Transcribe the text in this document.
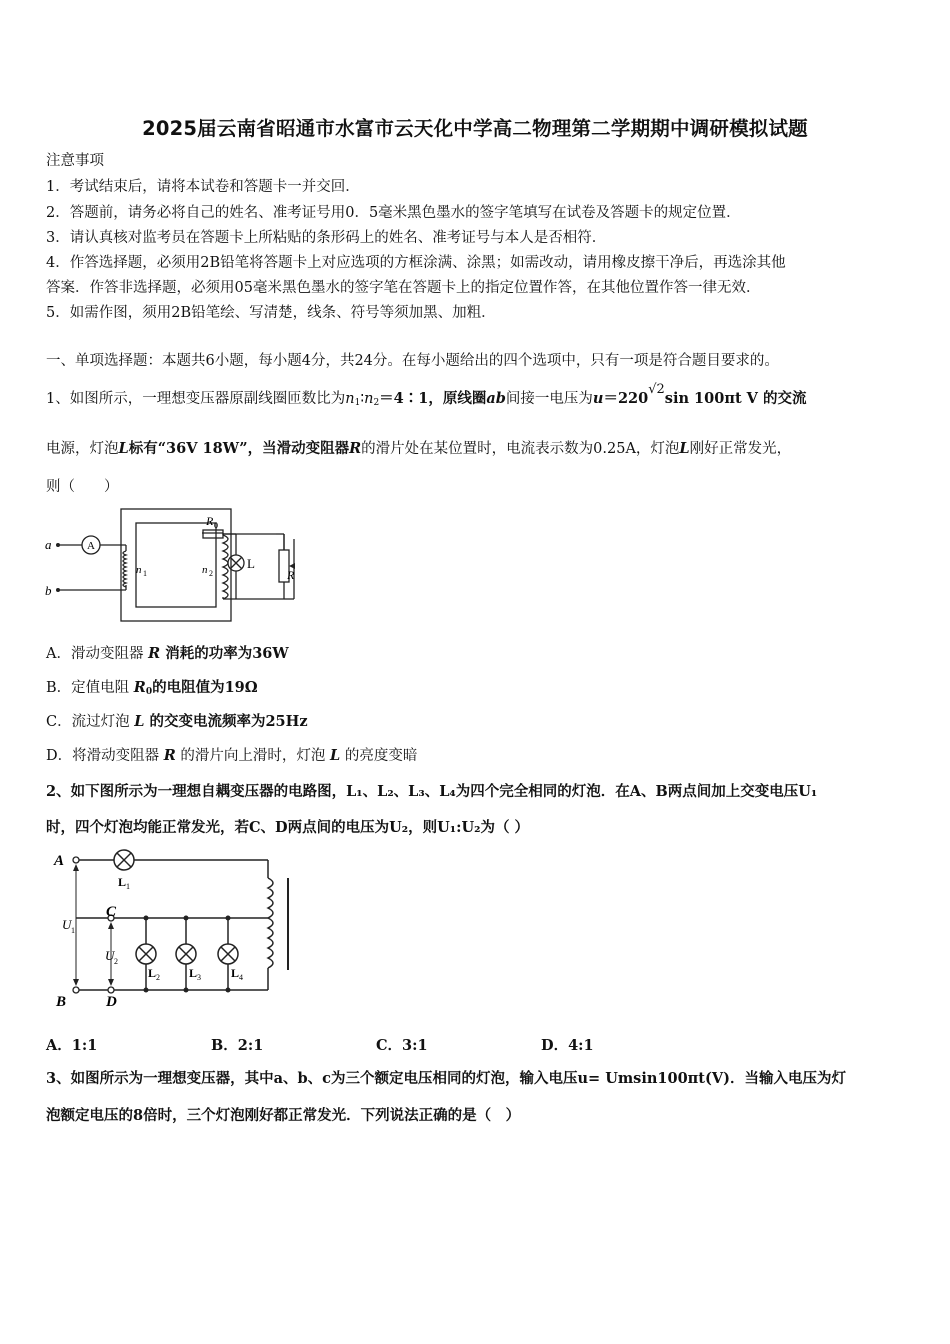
2025届云南省昭通市水富市云天化中学高二物理第二学期期中调研模拟试题
注意事项
1．考试结束后，请将本试卷和答题卡一并交回．
2．答题前，请务必将自己的姓名、准考证号用0．5毫米黑色墨水的签字笔填写在试卷及答题卡的规定位置．
3．请认真核对监考员在答题卡上所粘贴的条形码上的姓名、准考证号与本人是否相符．
4．作答选择题，必须用2B铅笔将答题卡上对应选项的方框涂满、涂黑；如需改动，请用橡皮擦干净后，再选涂其他
答案．作答非选择题，必须用05毫米黑色墨水的签字笔在答题卡上的指定位置作答，在其他位置作答一律无效．
5．如需作图，须用2B铅笔绘、写清楚，线条、符号等须加黑、加粗．
一、单项选择题：本题共6小题，每小题4分，共24分。在每小题给出的四个选项中，只有一项是符合题目要求的。
1、如图所示，一理想变压器原副线圈匝数比为$n_1∶n_2=4∶1$，原线圈ab间接一电压为u＝220√2sin 100πt V 的交流
电源，灯泡L标有“36V 18W”，当滑动变阻器R的滑片处在某位置时，电流表示数为0.25A，灯泡L刚好正常发光，
则（　　）
A
a
b
n 1	n 2
R 0
L
R
A．滑动变阻器 R 消耗的功率为36W
B．定值电阻 $R_0$的电阻值为19Ω
C．流过灯泡 L 的交变电流频率为25Hz
D．将滑动变阻器 R 的滑片向上滑时，灯泡 L 的亮度变暗
2、如下图所示为一理想自耦变压器的电路图，L₁、L₂、L₃、L₄为四个完全相同的灯泡．在A、B两点间加上交变电压U₁
时，四个灯泡均能正常发光，若C、D两点间的电压为U₂，则U₁:U₂为（ ）
A
B
C
D
U 1
U 2
L 1
L 2 L 3	L 4
A．1:1	B．2:1	C．3:1	D．4:1
3、如图所示为一理想变压器，其中a、b、c为三个额定电压相同的灯泡，输入电压u= Umsin100πt(V)．当输入电压为灯
泡额定电压的8倍时，三个灯泡刚好都正常发光．下列说法正确的是（　）
